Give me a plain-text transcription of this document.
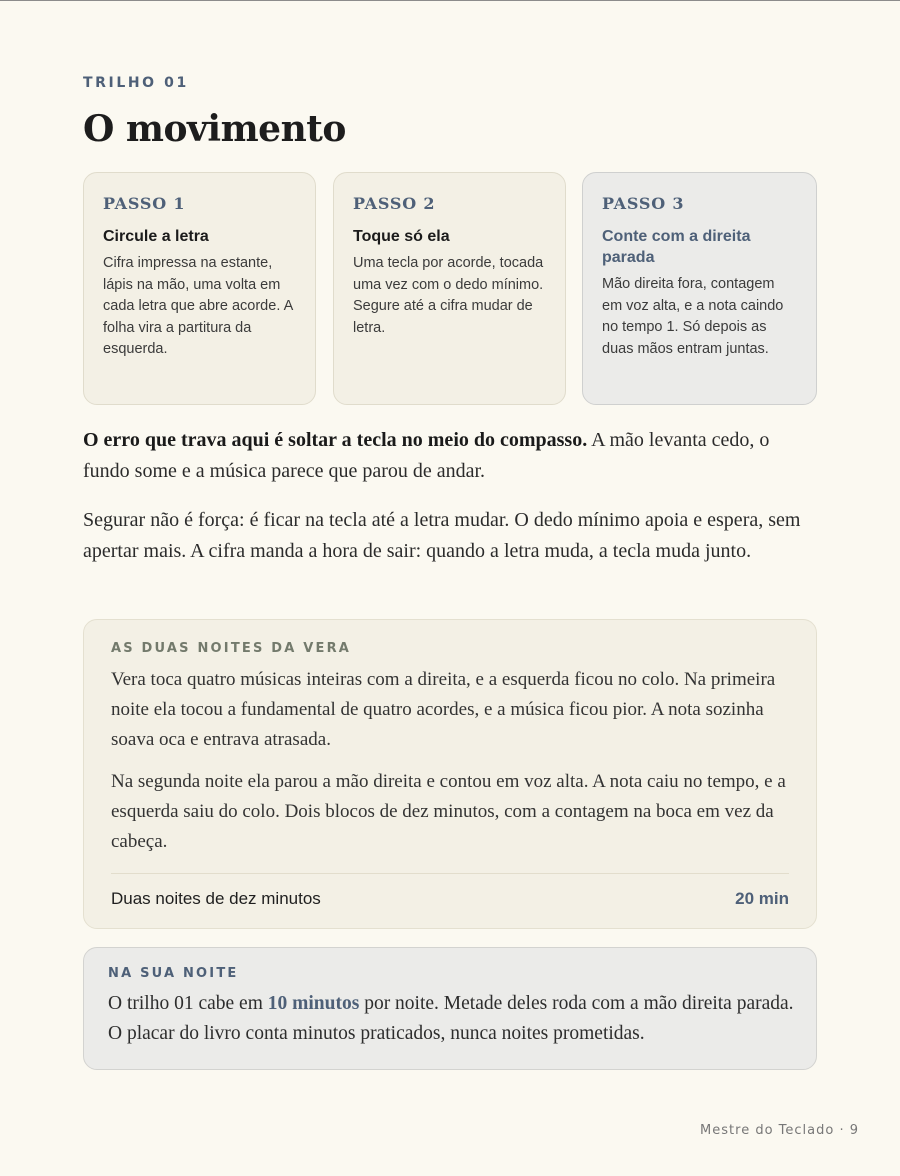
TRILHO 01
O movimento
PASSO 1
Circule a letra
Cifra impressa na estante, lápis na mão, uma volta em cada letra que abre acorde. A folha vira a partitura da esquerda.
PASSO 2
Toque só ela
Uma tecla por acorde, tocada uma vez com o dedo mínimo. Segure até a cifra mudar de letra.
PASSO 3
Conte com a direita parada
Mão direita fora, contagem em voz alta, e a nota caindo no tempo 1. Só depois as duas mãos entram juntas.

O erro que trava aqui é soltar a tecla no meio do compasso. A mão levanta cedo, o fundo some e a música parece que parou de andar.

Segurar não é força: é ficar na tecla até a letra mudar. O dedo mínimo apoia e espera, sem apertar mais. A cifra manda a hora de sair: quando a letra muda, a tecla muda junto.

AS DUAS NOITES DA VERA

Vera toca quatro músicas inteiras com a direita, e a esquerda ficou no colo. Na primeira noite ela tocou a fundamental de quatro acordes, e a música ficou pior. A nota sozinha soava oca e entrava atrasada.

Na segunda noite ela parou a mão direita e contou em voz alta. A nota caiu no tempo, e a esquerda saiu do colo. Dois blocos de dez minutos, com a contagem na boca em vez da cabeça.

Duas noites de dez minutos	20 min
NA SUA NOITE

O trilho 01 cabe em 10 minutos por noite. Metade deles roda com a mão direita parada. O placar do livro conta minutos praticados, nunca noites prometidas.

Mestre do Teclado · 9
